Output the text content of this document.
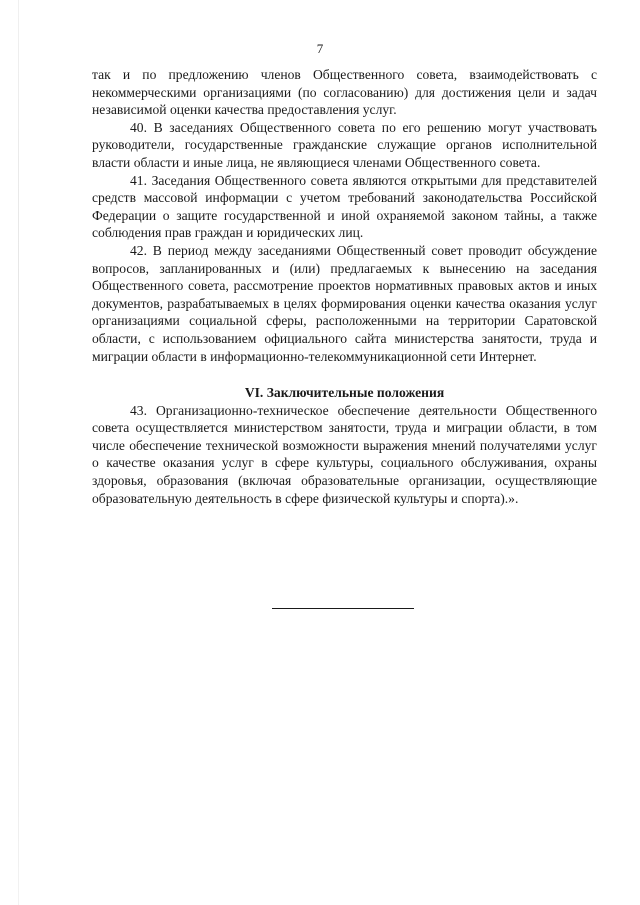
7

так и по предложению членов Общественного совета, взаимодействовать с некоммерческими организациями (по согласованию) для достижения цели и задач независимой оценки качества предоставления услуг.

40. В заседаниях Общественного совета по его решению могут участвовать руководители, государственные гражданские служащие органов исполнительной власти области и иные лица, не являющиеся членами Общественного совета.

41. Заседания Общественного совета являются открытыми для представителей средств массовой информации с учетом требований законодательства Российской Федерации о защите государственной и иной охраняемой законом тайны, а также соблюдения прав граждан и юридических лиц.

42. В период между заседаниями Общественный совет проводит обсуждение вопросов, запланированных и (или) предлагаемых к вынесению на заседания Общественного совета, рассмотрение проектов нормативных правовых актов и иных документов, разрабатываемых в целях формирования оценки качества оказания услуг организациями социальной сферы, расположенными на территории Саратовской области, с использованием официального сайта министерства занятости, труда и миграции области в информационно-телекоммуникационной сети Интернет.

VI. Заключительные положения

43. Организационно-техническое обеспечение деятельности Общественного совета осуществляется министерством занятости, труда и миграции области, в том числе обеспечение технической возможности выражения мнений получателями услуг о качестве оказания услуг в сфере культуры, социального обслуживания, охраны здоровья, образования (включая образовательные организации, осуществляющие образовательную деятельность в сфере физической культуры и спорта).».
